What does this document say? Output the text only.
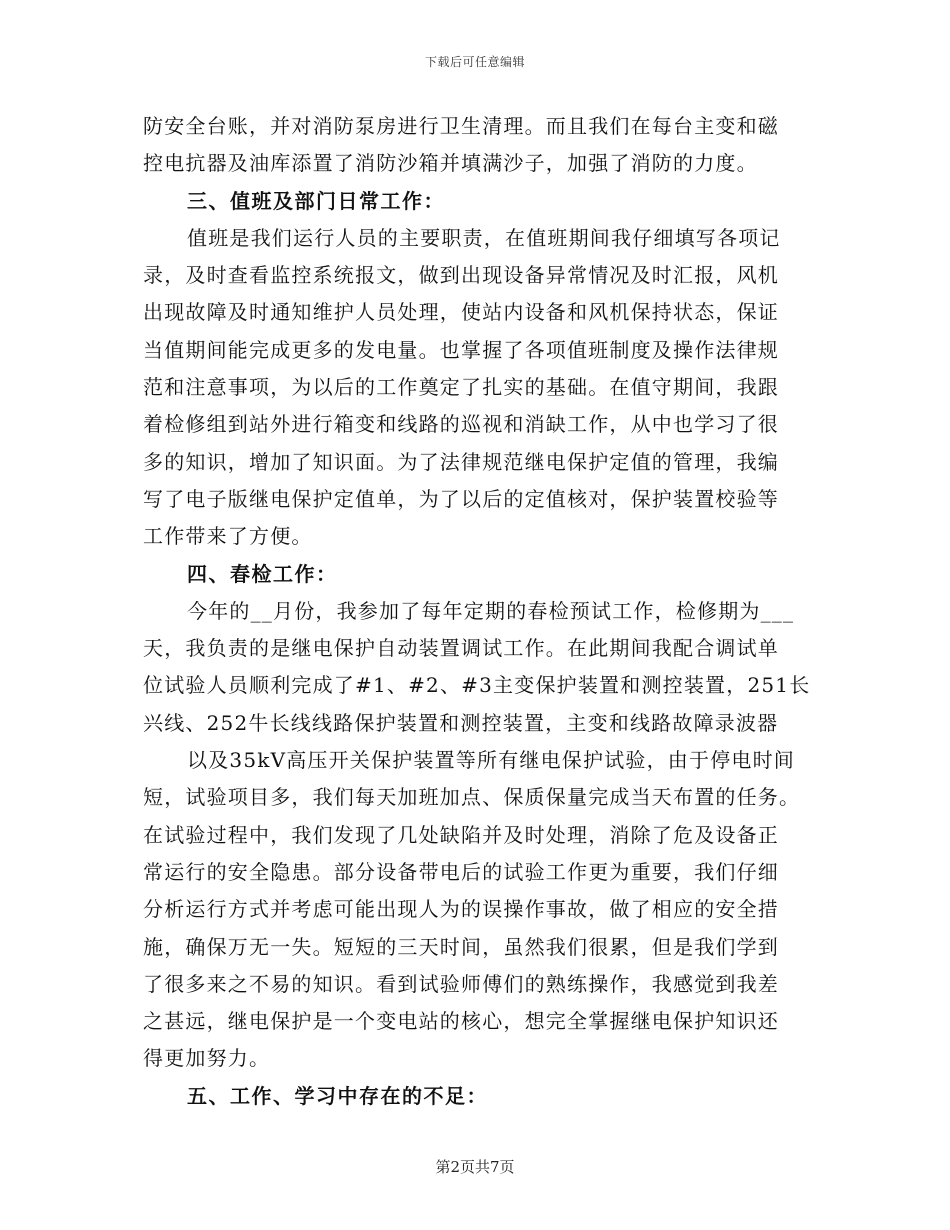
下载后可任意编辑
防安全台账，并对消防泵房进行卫生清理。而且我们在每台主变和磁
控电抗器及油库添置了消防沙箱并填满沙子，加强了消防的力度。
三、值班及部门日常工作：
值班是我们运行人员的主要职责，在值班期间我仔细填写各项记
录，及时查看监控系统报文，做到出现设备异常情况及时汇报，风机
出现故障及时通知维护人员处理，使站内设备和风机保持状态，保证
当值期间能完成更多的发电量。也掌握了各项值班制度及操作法律规
范和注意事项，为以后的工作奠定了扎实的基础。在值守期间，我跟
着检修组到站外进行箱变和线路的巡视和消缺工作，从中也学习了很
多的知识，增加了知识面。为了法律规范继电保护定值的管理，我编
写了电子版继电保护定值单，为了以后的定值核对，保护装置校验等
工作带来了方便。
四、春检工作：
今年的__月份，我参加了每年定期的春检预试工作，检修期为___
天，我负责的是继电保护自动装置调试工作。在此期间我配合调试单
位试验人员顺利完成了#1、#2、#3主变保护装置和测控装置，251长
兴线、252牛长线线路保护装置和测控装置，主变和线路故障录波器
以及35kV高压开关保护装置等所有继电保护试验，由于停电时间
短，试验项目多，我们每天加班加点、保质保量完成当天布置的任务。
在试验过程中，我们发现了几处缺陷并及时处理，消除了危及设备正
常运行的安全隐患。部分设备带电后的试验工作更为重要，我们仔细
分析运行方式并考虑可能出现人为的误操作事故，做了相应的安全措
施，确保万无一失。短短的三天时间，虽然我们很累，但是我们学到
了很多来之不易的知识。看到试验师傅们的熟练操作，我感觉到我差
之甚远，继电保护是一个变电站的核心，想完全掌握继电保护知识还
得更加努力。
五、工作、学习中存在的不足：
第2页共7页
